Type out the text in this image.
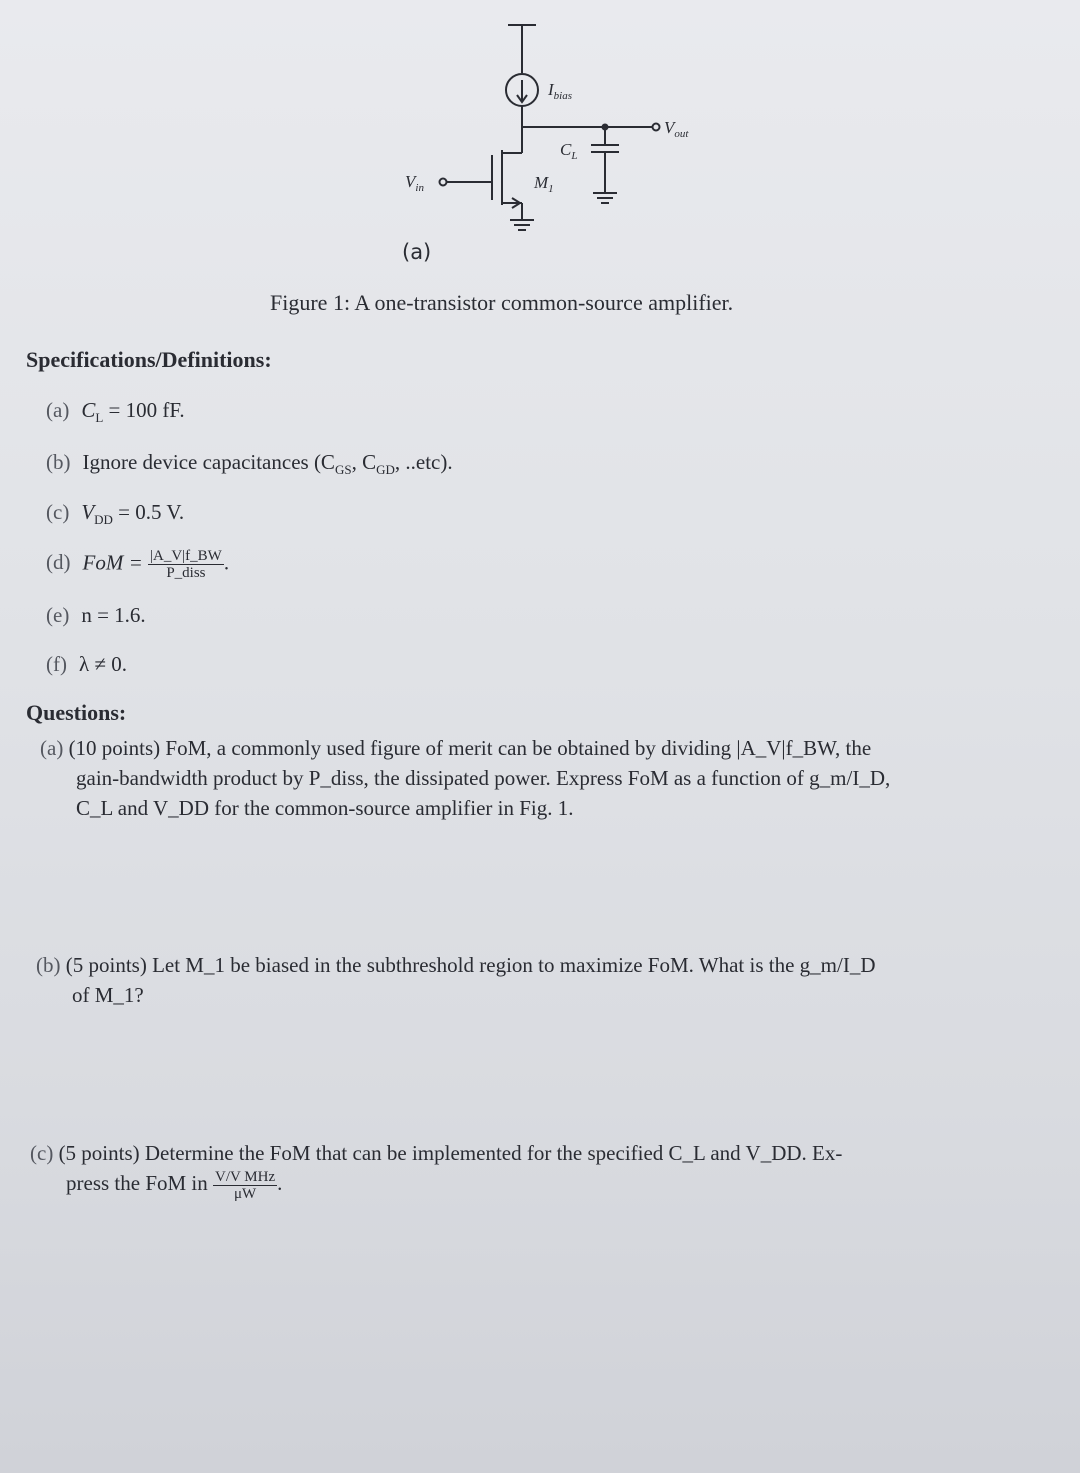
$I_{bias}$
$V_{out}$
$C_L$
$M_1$
$V_{in}$
(a)
Figure 1: A one-transistor common-source amplifier.
Specifications/Definitions:
(a) $C_L = 100$ fF.
(b) Ignore device capacitances ($C_{GS}$, $C_{GD}$, ..etc).
(c) $V_{DD} = 0.5$ V.
(d) FoM = $\frac{|A\_V|f\_BW}{\text{P\_diss}}$ .
(e) n = 1.6.
(f) λ ≠ 0.
Questions:
(a) (10 points) FoM, a commonly used figure of merit can be obtained by dividing |A_V|f_BW, the
gain-bandwidth product by P_diss, the dissipated power. Express FoM as a function of g_m/I_D,
C_L and V_DD for the common-source amplifier in Fig. 1.
(b) (5 points) Let M_1 be biased in the subthreshold region to maximize FoM. What is the g_m/I_D
of M_1?
(c) (5 points) Determine the FoM that can be implemented for the specified C_L and V_DD. Ex-
press the FoM in $\frac{\text{V/V MHz}}{\mu W}$ .
